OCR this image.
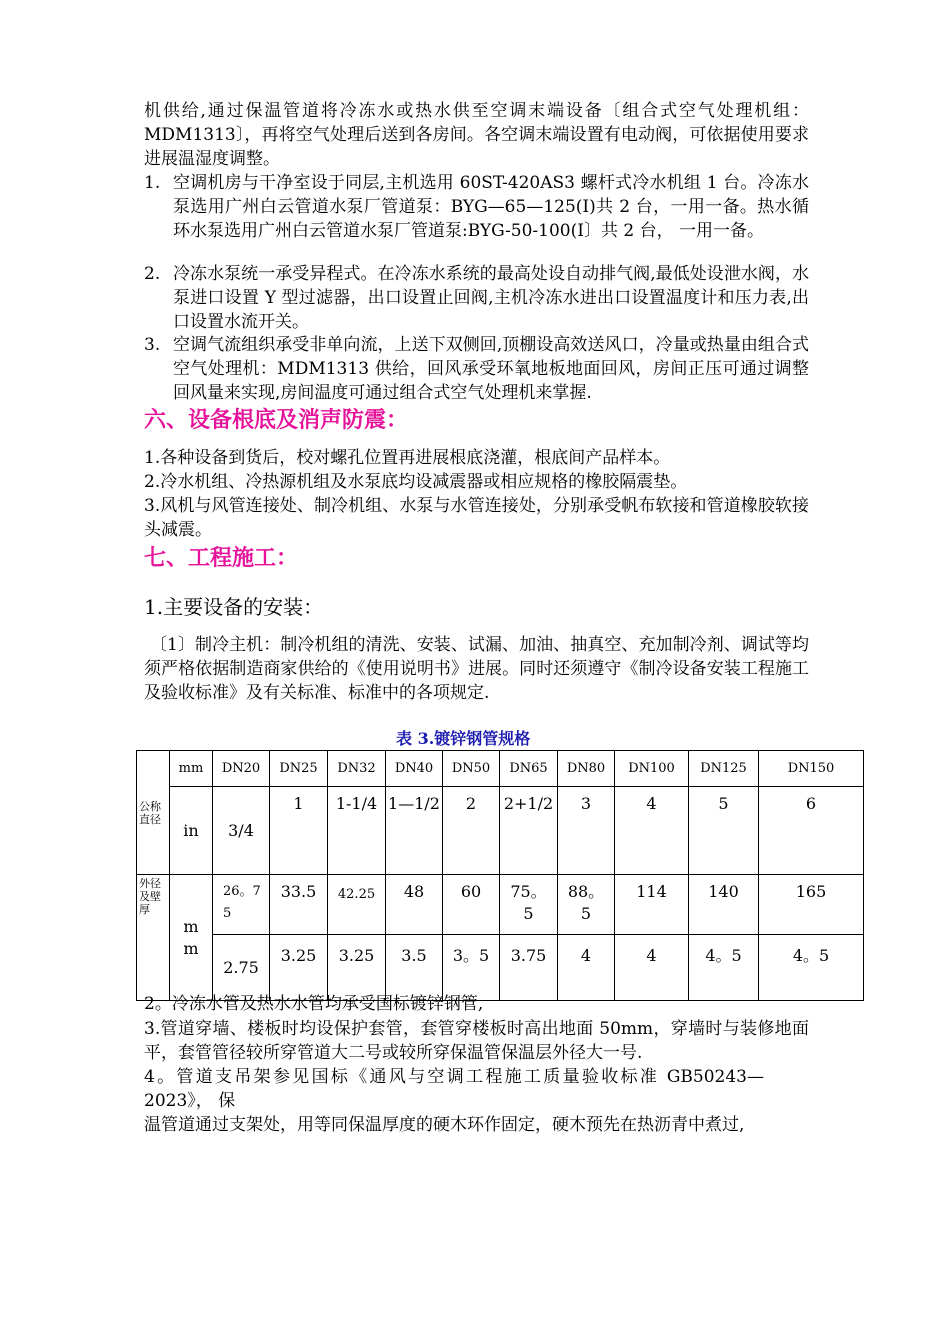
机供给,通过保温管道将冷冻水或热水供至空调末端设备〔组合式空气处理机组：MDM1313〕，再将空气处理后送到各房间。各空调末端设置有电动阀，可依据使用要求进展温湿度调整。
1. 空调机房与干净室设于同层,主机选用 60ST-420AS3 螺杆式冷水机组 1 台。冷冻水泵选用广州白云管道水泵厂管道泵：BYG—65—125(I)共 2 台，一用一备。热水循环水泵选用广州白云管道水泵厂管道泵:BYG-50-100(I〕共 2 台， 一用一备。
2. 冷冻水泵统一承受异程式。在冷冻水系统的最高处设自动排气阀,最低处设泄水阀，水泵进口设置 Y 型过滤器，出口设置止回阀,主机冷冻水进出口设置温度计和压力表,出口设置水流开关。
3. 空调气流组织承受非单向流，上送下双侧回,顶棚设高效送风口，冷量或热量由组合式空气处理机：MDM1313 供给，回风承受环氧地板地面回风，房间正压可通过调整回风量来实现,房间温度可通过组合式空气处理机来掌握.
六、设备根底及消声防震：
1.各种设备到货后，校对螺孔位置再进展根底浇灌，根底间产品样本。
2.冷水机组、冷热源机组及水泵底均设减震器或相应规格的橡胶隔震垫。
3.风机与风管连接处、制冷机组、水泵与水管连接处，分别承受帆布软接和管道橡胶软接头减震。
七、工程施工：
1.主要设备的安装：
〔1〕制冷主机：制冷机组的清洗、安装、试漏、加油、抽真空、充加制冷剂、调试等均须严格依据制造商家供给的《使用说明书》进展。同时还须遵守《制冷设备安装工程施工及验收标准》及有关标准、标准中的各项规定.
表 3.镀锌钢管规格
公称直径	mm	DN20	DN25	DN32	DN40	DN50	DN65	DN80	DN100	DN125	DN150
	in	3/4	1	1-1/4	1—1/2	2	2+1/2	3	4	5	6
外径及壁厚	mm	26。75	33.5	42.25	48	60	75。5	88。5	114	140	165
		2.75	3.25	3.25	3.5	3。5	3.75	4	4	4。5	4。5
2。冷冻水管及热水水管均承受国标镀锌钢管,
3.管道穿墙、楼板时均设保护套管，套管穿楼板时高出地面 50mm，穿墙时与装修地面平，套管管径较所穿管道大二号或较所穿保温管保温层外径大一号.
4。管道支吊架参见国标《通风与空调工程施工质量验收标准 GB50243—2023》， 保
温管道通过支架处，用等同保温厚度的硬木环作固定，硬木预先在热沥青中煮过,
